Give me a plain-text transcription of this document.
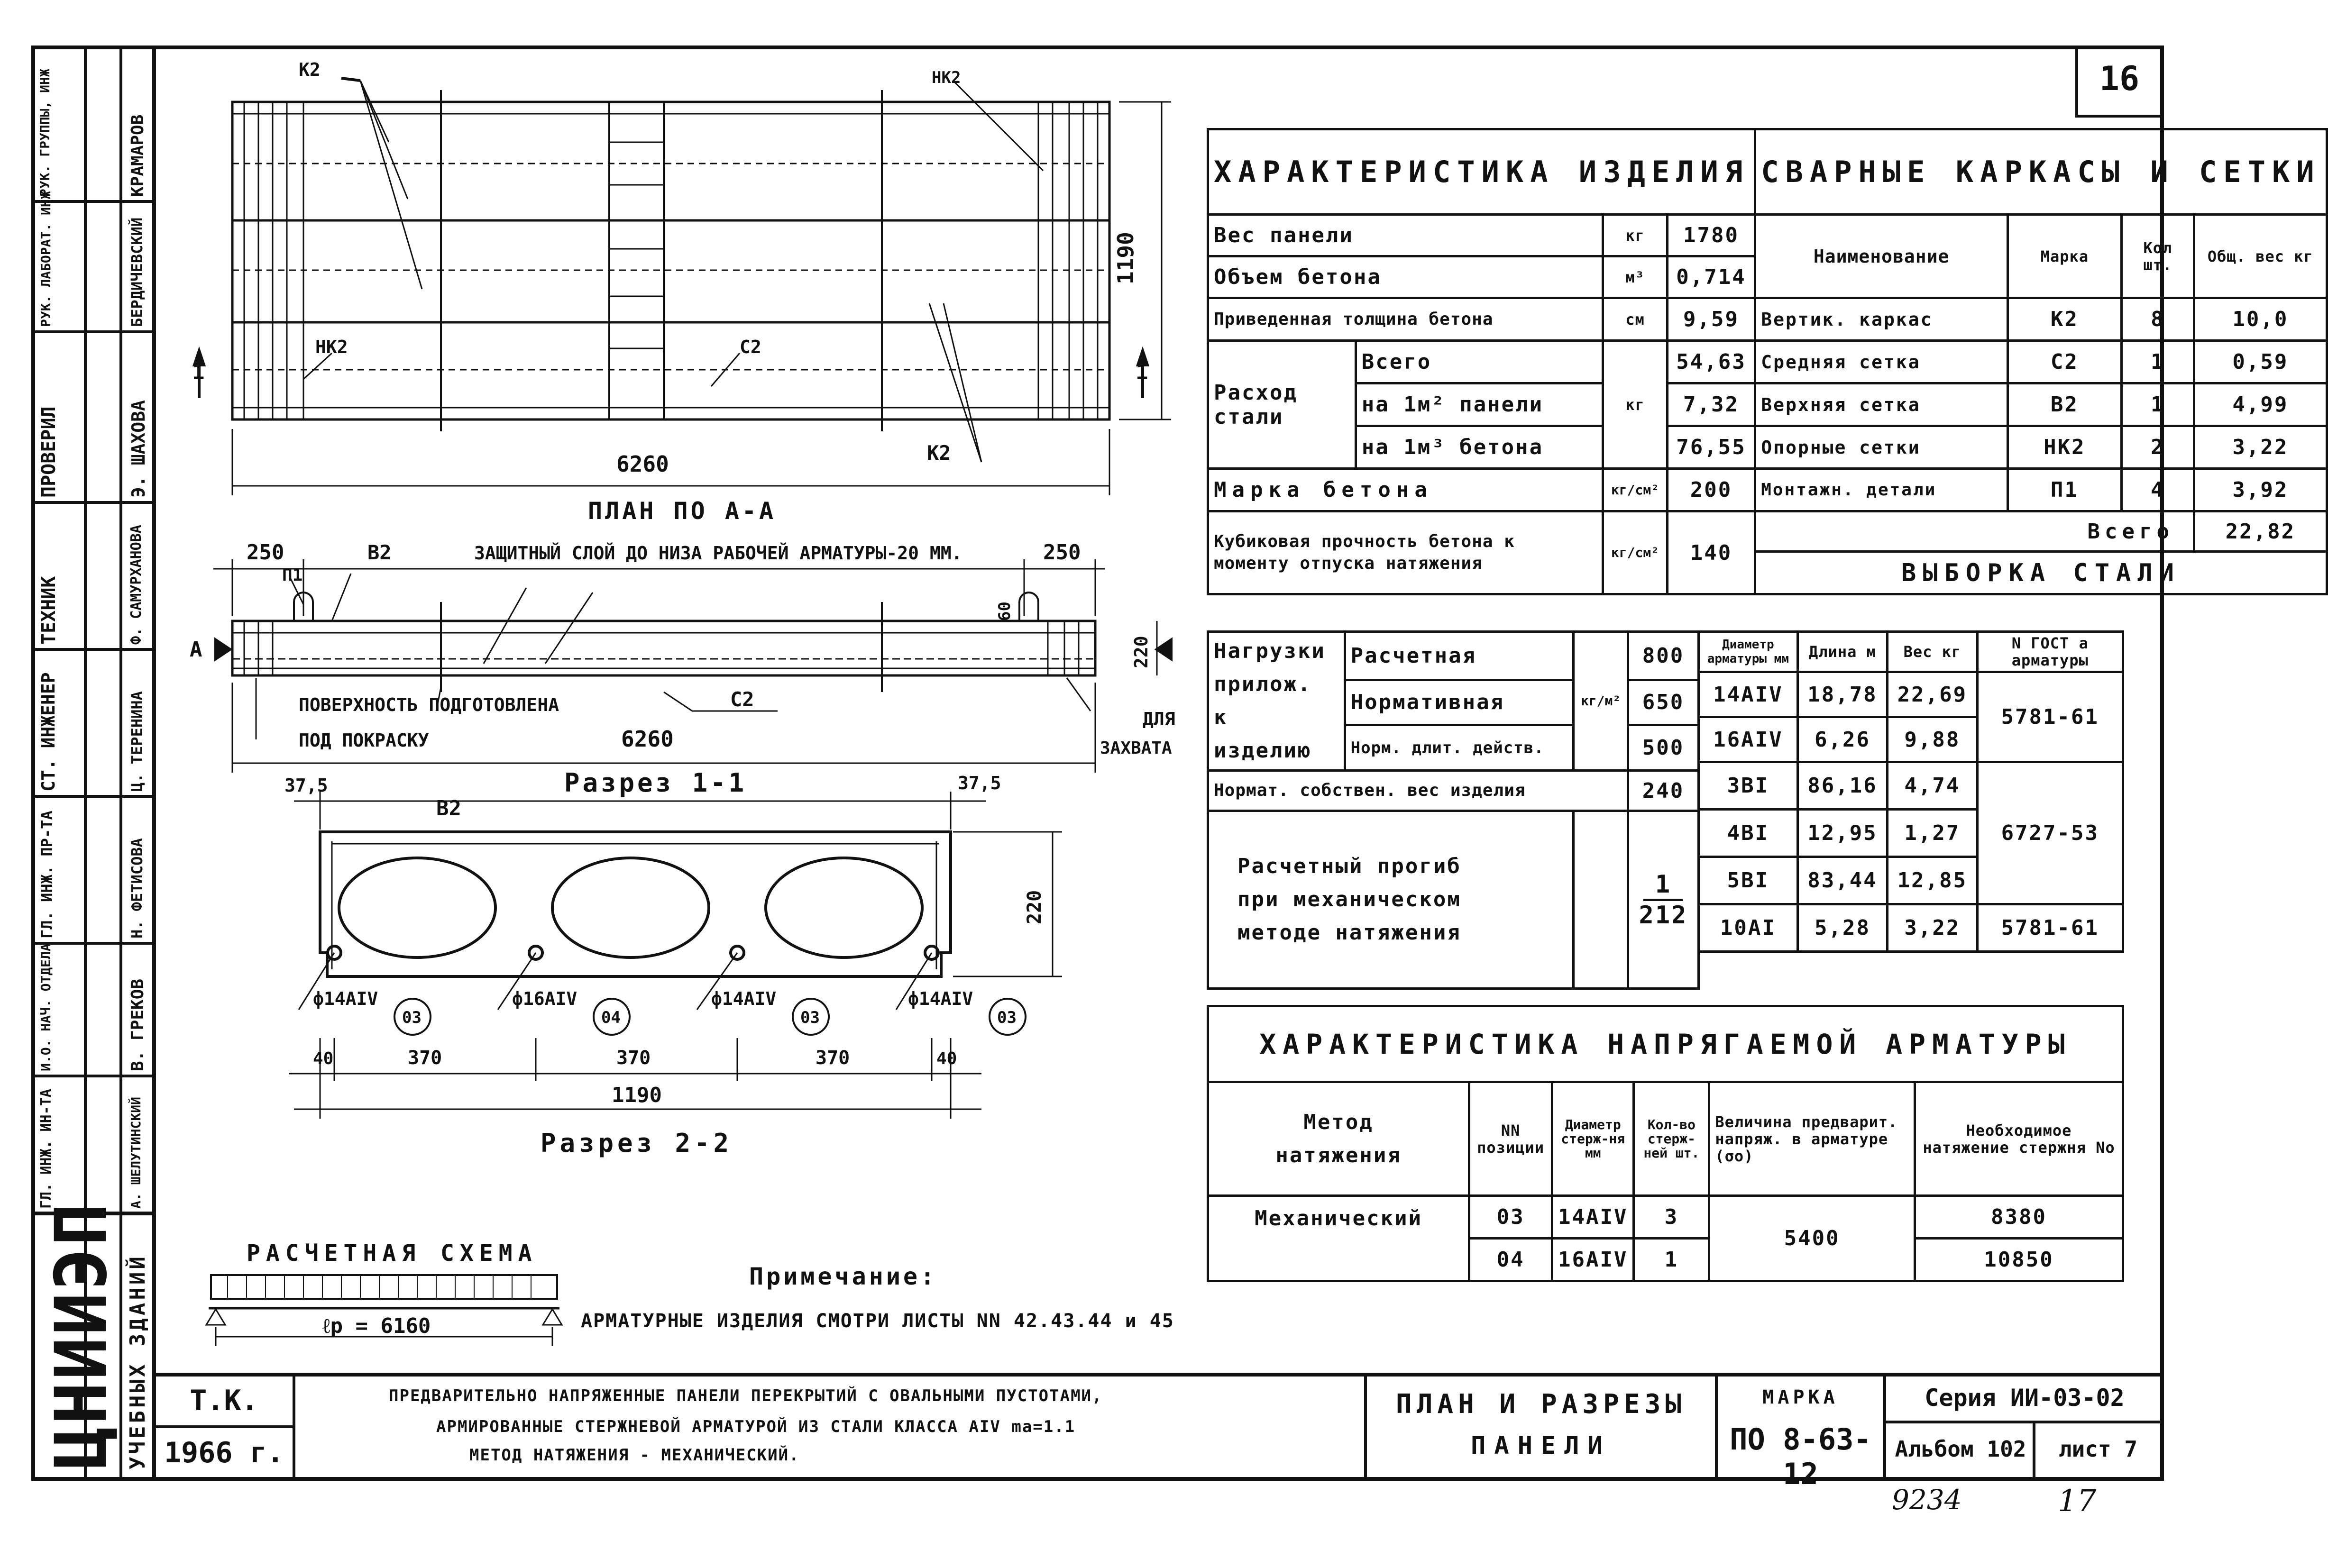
К2	НК2
НК2	С2
К2
6260
1190
1	1
ПЛАН ПО А-А
250	В2
П1
ЗАЩИТНЫЙ СЛОЙ ДО НИЗА РАБОЧЕЙ АРМАТУРЫ-20 ММ.	250
60
220
А
ПОВЕРХНОСТЬ ПОДГОТОВЛЕНА
ПОД ПОКРАСКУ	6260
С2
ДЛЯ
ЗАХВАТА
Разрез 1-1
37,5	37,5
В2
220
ф14АIV
03
ф16АIV
04
ф14АIV
03
ф14АIV
03
40	370	370	370	40
1190
Разрез 2-2
РАСЧЕТНАЯ СХЕМА
ℓр = 6160
Примечание:
АРМАТУРНЫЕ ИЗДЕЛИЯ СМОТРИ ЛИСТЫ NN 42.43.44 и 45
16
ЦНИИЭП УЧЕБНЫХ ЗДАНИЙ
РУК. ГРУППЫ, ИНЖ	КРАМАРОВ
РУК. ЛАБОРАТ. ИНЖ	БЕРДИЧЕВСКИЙ
ПРОВЕРИЛ	Э. ШАХОВА
ТЕХНИК	Ф. САМУРХАНОВА
СТ. ИНЖЕНЕР	Ц. ТЕРЕНИНА
ГЛ. ИНЖ. ПР-ТА	Н. ФЕТИСОВА
И.О. НАЧ. ОТДЕЛА	В. ГРЕКОВ
ГЛ. ИНЖ. ИН-ТА	А. ШЕЛУТИНСКИЙ
ХАРАКТЕРИСТИКА ИЗДЕЛИЯ				СВАРНЫЕ КАРКАСЫ И СЕТКИ			
Вес панели		кг	1780	Наименование	Марка	Кол шт.	Общ. вес кг
Объем бетона		м³	0,714				
Приведенная толщина бетона		см	9,59	Вертик. каркас	К2	8	10,0
Расход стали	Всего	кг	54,63	Средняя сетка	С2	1	0,59
	на 1м² панели		7,32	Верхняя сетка	В2	1	4,99
	на 1м³ бетона		76,55	Опорные сетки	НК2	2	3,22
Марка бетона		кг/см²	200	Монтажн. детали	П1	4	3,92
Кубиковая прочность бетона к моменту отпуска натяжения		кг/см²	140	Всего			22,82
				ВЫБОРКА СТАЛИ			
Нагрузки прилож. к изделию	Расчетная	кг/м²	800
	Нормативная		650
	Норм. длит. действ.		500
Нормат. собствен. вес изделия			240
Расчетный прогиб при механическом методе натяжения			1
212
Диаметр арматуры мм	Длина м	Вес кг	N ГОСТ а арматуры
14АIV	18,78	22,69	5781-61
16АIV	6,26	9,88	
3ВI	86,16	4,74	6727-53
4ВI	12,95	1,27	
5ВI	83,44	12,85	
10АI	5,28	3,22	5781-61
ХАРАКТЕРИСТИКА НАПРЯГАЕМОЙ АРМАТУРЫ					
Метод натяжения	NN позиции	Диаметр стерж-ня мм	Кол-во стерж-ней шт.	Величина предварит. напряж. в арматуре (σо)	Необходимое натяжение стержня No
Механический	03	14АIV	3	5400	8380
	04	16АIV	1		10850
Т.К.
1966 г.
ПРЕДВАРИТЕЛЬНО НАПРЯЖЕННЫЕ ПАНЕЛИ ПЕРЕКРЫТИЙ С ОВАЛЬНЫМИ ПУСТОТАМИ,
АРМИРОВАННЫЕ СТЕРЖНЕВОЙ АРМАТУРОЙ ИЗ СТАЛИ КЛАССА АIV mа=1.1
МЕТОД НАТЯЖЕНИЯ - МЕХАНИЧЕСКИЙ.
ПЛАН И РАЗРЕЗЫ
ПАНЕЛИ
МАРКА
ПО 8-63-12
Серия ИИ-03-02
Альбом 102	лист 7
9234	17
